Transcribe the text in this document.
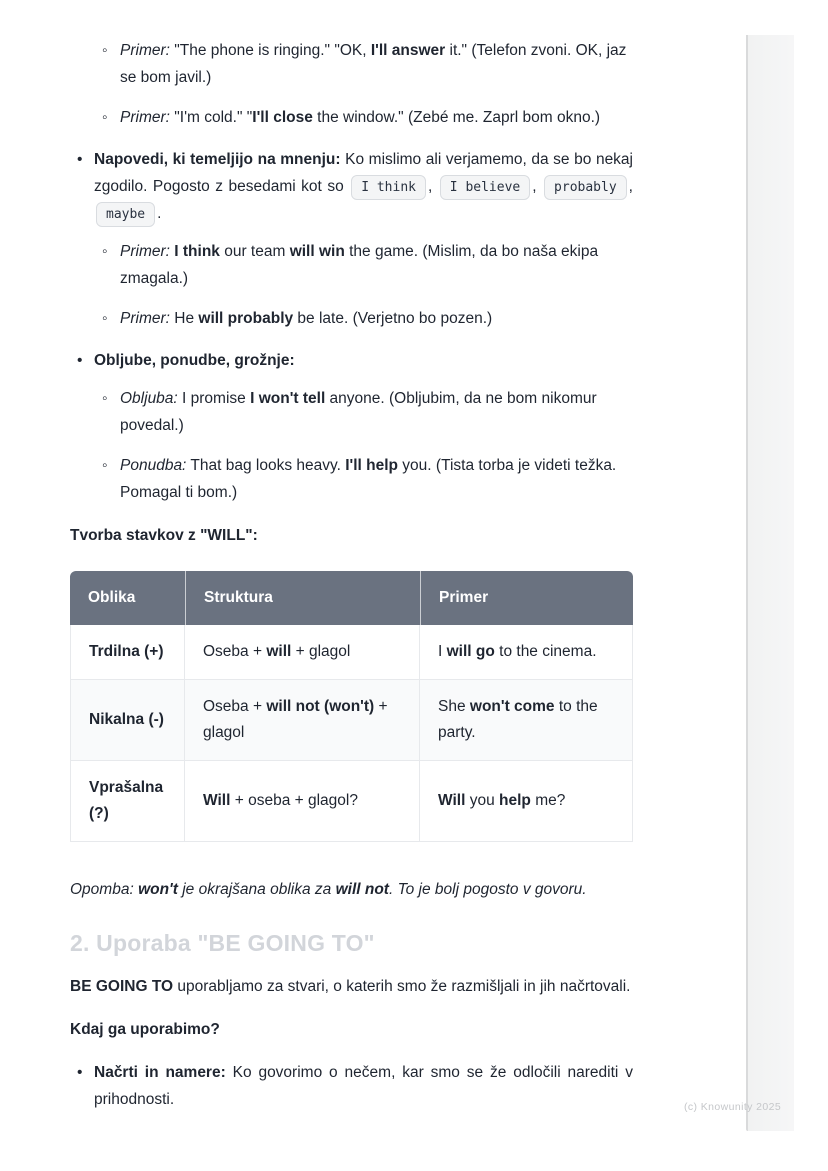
(c) Knowunity 2025
◦ Primer: "The phone is ringing." "OK, I'll answer it." (Telefon zvoni. OK, jaz se bom javil.)
◦ Primer: "I'm cold." "I'll close the window." (Zebé me. Zaprl bom okno.)
• Napovedi, ki temeljijo na mnenju: Ko mislimo ali verjamemo, da se bo nekaj zgodilo. Pogosto z besedami kot so I think , I believe , probably , maybe .
◦ Primer: I think our team will win the game. (Mislim, da bo naša ekipa zmagala.)
◦ Primer: He will probably be late. (Verjetno bo pozen.)
• Obljube, ponudbe, grožnje:
◦ Obljuba: I promise I won't tell anyone. (Obljubim, da ne bom nikomur povedal.)
◦ Ponudba: That bag looks heavy. I'll help you. (Tista torba je videti težka. Pomagal ti bom.)

Tvorba stavkov z "WILL":

Oblika	Struktura	Primer
Trdilna (+)	Oseba + will + glagol	I will go to the cinema.
Nikalna (-)	Oseba + will not (won't) + glagol	She won't come to the party.
Vprašalna (?)	Will + oseba + glagol?	Will you help me?

Opomba: won't je okrajšana oblika za will not. To je bolj pogosto v govoru.

2. Uporaba "BE GOING TO"

BE GOING TO uporabljamo za stvari, o katerih smo že razmišljali in jih načrtovali.

Kdaj ga uporabimo?

• Načrti in namere: Ko govorimo o nečem, kar smo se že odločili narediti v prihodnosti.
